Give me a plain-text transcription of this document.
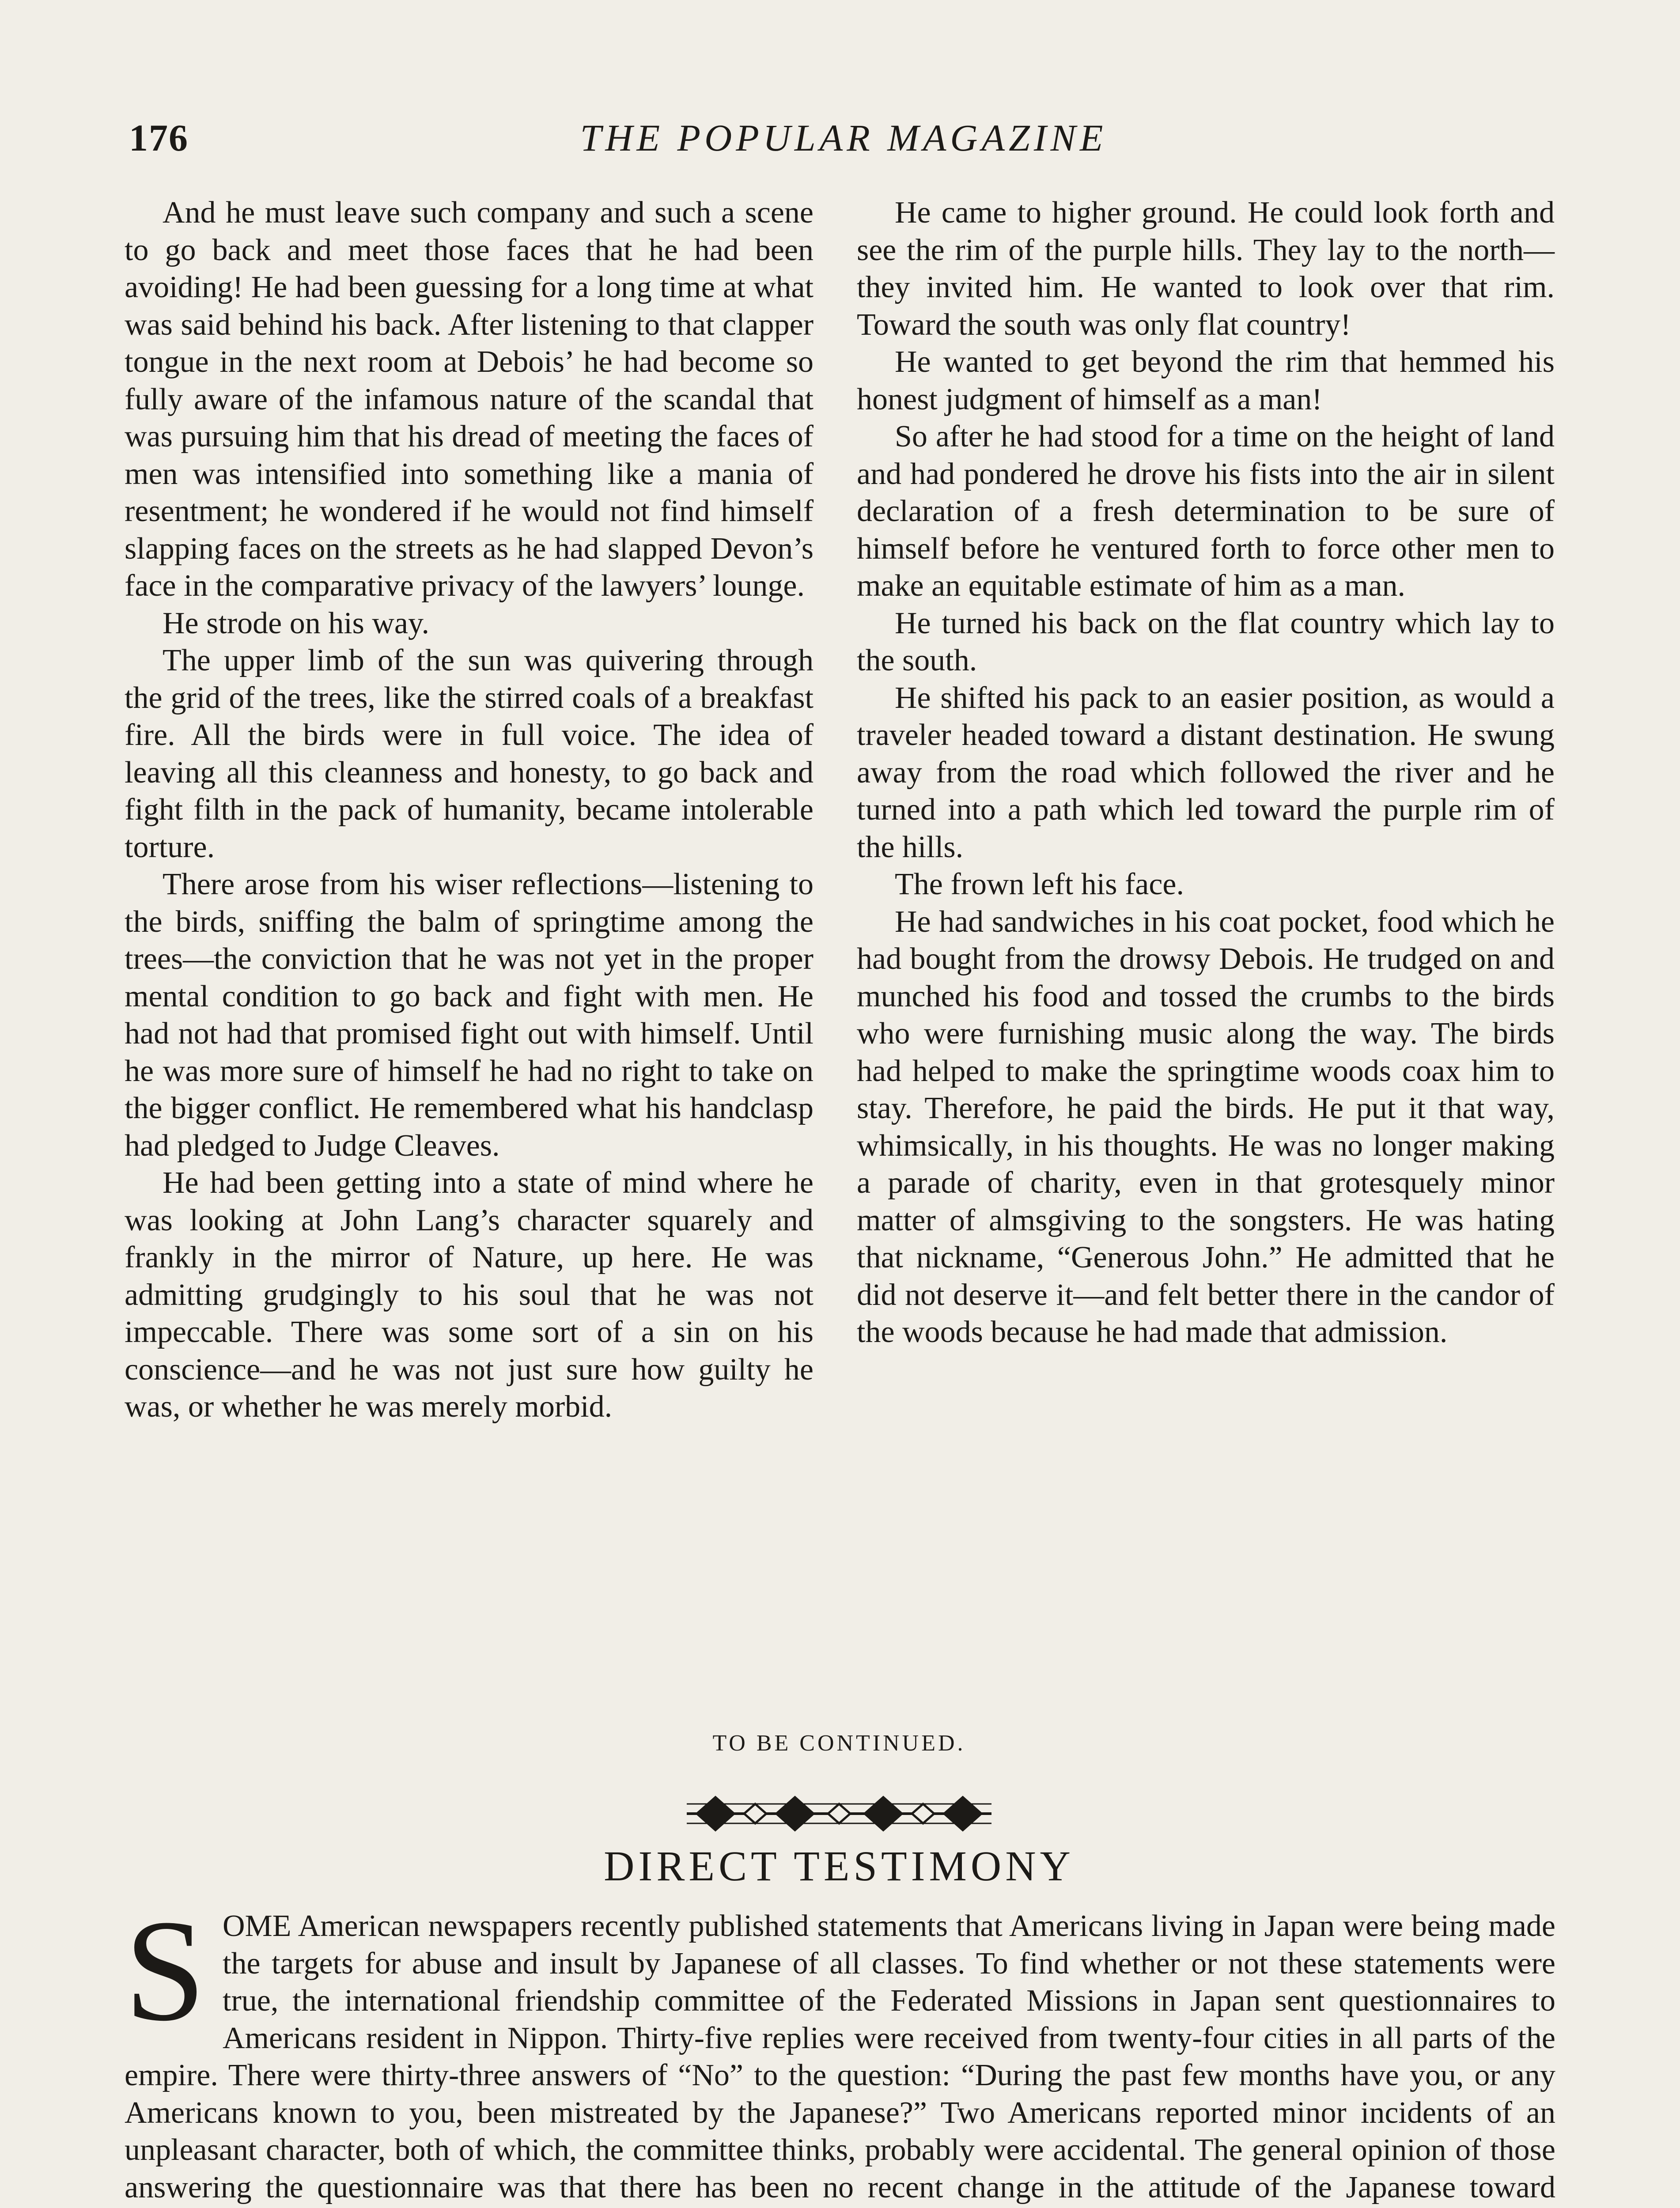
176	THE POPULAR MAGAZINE

And he must leave such company and such a scene to go back and meet those faces that he had been avoiding! He had been guessing for a long time at what was said behind his back. After listening to that clapper tongue in the next room at Debois’ he had become so fully aware of the infamous nature of the scandal that was pursuing him that his dread of meeting the faces of men was intensified into something like a mania of resentment; he wondered if he would not find himself slapping faces on the streets as he had slapped Devon’s face in the comparative privacy of the lawyers’ lounge.

He strode on his way.

The upper limb of the sun was quivering through the grid of the trees, like the stirred coals of a breakfast fire. All the birds were in full voice. The idea of leaving all this cleanness and honesty, to go back and fight filth in the pack of humanity, became intolerable torture.

There arose from his wiser reflections—listening to the birds, sniffing the balm of springtime among the trees—the conviction that he was not yet in the proper mental condition to go back and fight with men. He had not had that promised fight out with himself. Until he was more sure of himself he had no right to take on the bigger conflict. He remembered what his handclasp had pledged to Judge Cleaves.

He had been getting into a state of mind where he was looking at John Lang’s character squarely and frankly in the mirror of Nature, up here. He was admitting grudgingly to his soul that he was not impeccable. There was some sort of a sin on his conscience—and he was not just sure how guilty he was, or whether he was merely morbid.

He came to higher ground. He could look forth and see the rim of the purple hills. They lay to the north—they invited him. He wanted to look over that rim. Toward the south was only flat country!

He wanted to get beyond the rim that hemmed his honest judgment of himself as a man!

So after he had stood for a time on the height of land and had pondered he drove his fists into the air in silent declaration of a fresh determination to be sure of himself before he ventured forth to force other men to make an equitable estimate of him as a man.

He turned his back on the flat country which lay to the south.

He shifted his pack to an easier position, as would a traveler headed toward a distant destination. He swung away from the road which followed the river and he turned into a path which led toward the purple rim of the hills.

The frown left his face.

He had sandwiches in his coat pocket, food which he had bought from the drowsy Debois. He trudged on and munched his food and tossed the crumbs to the birds who were furnishing music along the way. The birds had helped to make the springtime woods coax him to stay. Therefore, he paid the birds. He put it that way, whimsically, in his thoughts. He was no longer making a parade of charity, even in that grotesquely minor matter of almsgiving to the songsters. He was hating that nickname, “Generous John.” He admitted that he did not deserve it—and felt better there in the candor of the woods because he had made that admission.

TO BE CONTINUED.
DIRECT TESTIMONY
S OME American newspapers recently published statements that Americans living in Japan were being made the targets for abuse and insult by Japanese of all classes. To find whether or not these statements were true, the international friendship committee of the Federated Missions in Japan sent questionnaires to Americans resident in Nippon. Thirty-five replies were received from twenty-four cities in all parts of the empire. There were thirty-three answers of “No” to the question: “During the past few months have you, or any Americans known to you, been mistreated by the Japanese?” Two Americans reported minor incidents of an unpleasant character, both of which, the committee thinks, probably were accidental. The general opinion of those answering the questionnaire was that there has been no recent change in the attitude of the Japanese toward
